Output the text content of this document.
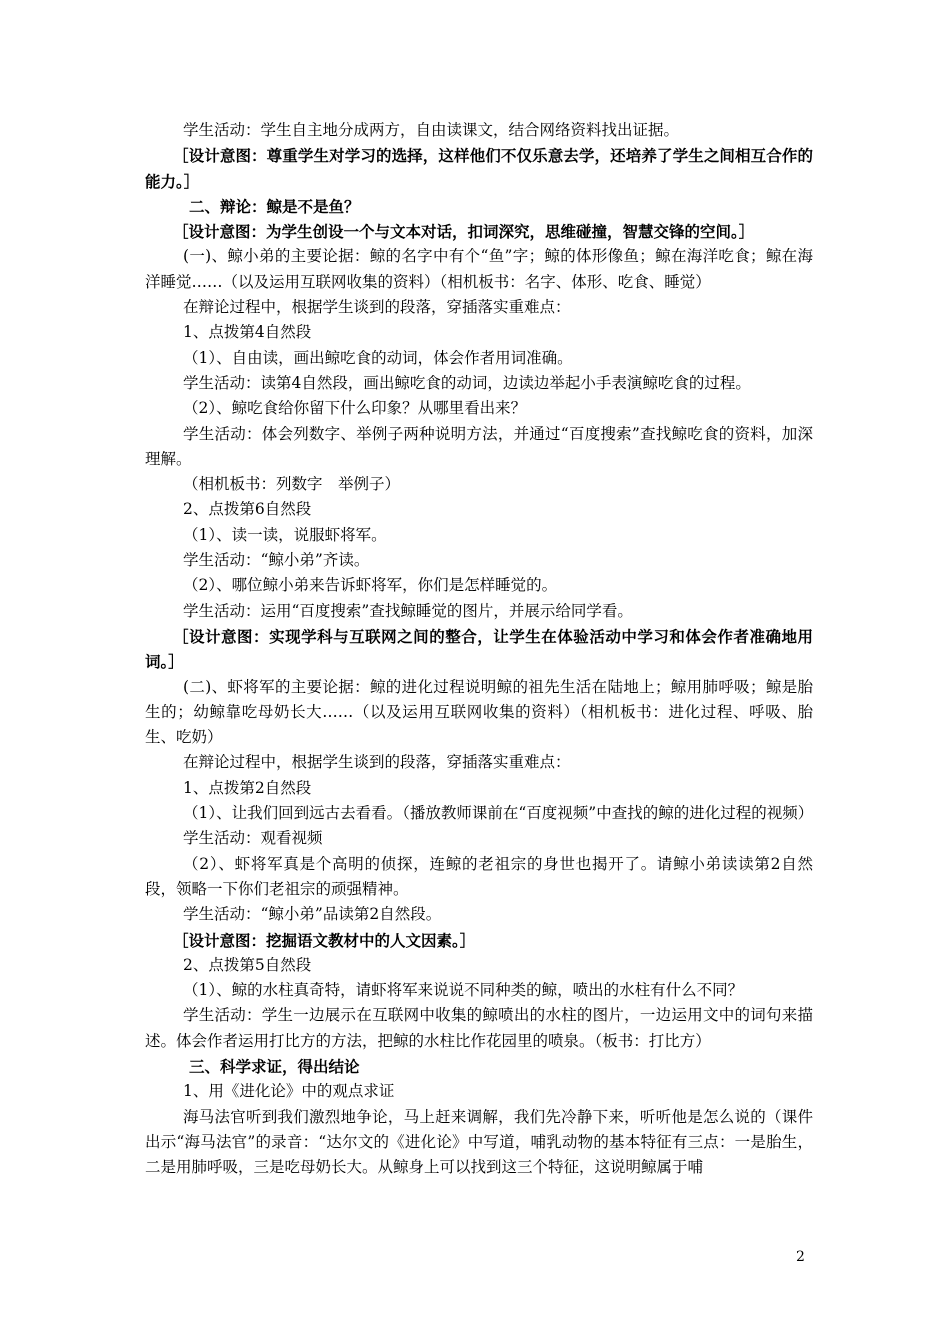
学生活动：学生自主地分成两方，自由读课文，结合网络资料找出证据。

［设计意图：尊重学生对学习的选择，这样他们不仅乐意去学，还培养了学生之间相互合作的能力。］

二、辩论：鲸是不是鱼？

［设计意图：为学生创设一个与文本对话，扣词深究，思维碰撞，智慧交锋的空间。］

(一)、鲸小弟的主要论据：鲸的名字中有个“鱼”字；鲸的体形像鱼；鲸在海洋吃食；鲸在海洋睡觉……（以及运用互联网收集的资料）（相机板书：名字、体形、吃食、睡觉）

在辩论过程中，根据学生谈到的段落，穿插落实重难点：

1、点拨第4自然段

（1）、自由读，画出鲸吃食的动词，体会作者用词准确。

学生活动：读第4自然段，画出鲸吃食的动词，边读边举起小手表演鲸吃食的过程。

（2）、鲸吃食给你留下什么印象？从哪里看出来？

学生活动：体会列数字、举例子两种说明方法，并通过“百度搜索”查找鲸吃食的资料，加深理解。

（相机板书：列数字　举例子）

2、点拨第6自然段

（1）、读一读，说服虾将军。

学生活动：“鲸小弟”齐读。

（2）、哪位鲸小弟来告诉虾将军，你们是怎样睡觉的。

学生活动：运用“百度搜索”查找鲸睡觉的图片，并展示给同学看。

［设计意图：实现学科与互联网之间的整合，让学生在体验活动中学习和体会作者准确地用词。］

(二)、虾将军的主要论据：鲸的进化过程说明鲸的祖先生活在陆地上；鲸用肺呼吸；鲸是胎生的；幼鲸靠吃母奶长大……（以及运用互联网收集的资料）（相机板书：进化过程、呼吸、胎生、吃奶）

在辩论过程中，根据学生谈到的段落，穿插落实重难点：

1、点拨第2自然段

（1）、让我们回到远古去看看。（播放教师课前在“百度视频”中查找的鲸的进化过程的视频）

学生活动：观看视频

（2）、虾将军真是个高明的侦探，连鲸的老祖宗的身世也揭开了。请鲸小弟读读第2自然段，领略一下你们老祖宗的顽强精神。

学生活动：“鲸小弟”品读第2自然段。

［设计意图：挖掘语文教材中的人文因素。］

2、点拨第5自然段

（1）、鲸的水柱真奇特，请虾将军来说说不同种类的鲸，喷出的水柱有什么不同？

学生活动：学生一边展示在互联网中收集的鲸喷出的水柱的图片，一边运用文中的词句来描述。体会作者运用打比方的方法，把鲸的水柱比作花园里的喷泉。（板书：打比方）

三、科学求证，得出结论

1、用《进化论》中的观点求证

海马法官听到我们激烈地争论，马上赶来调解，我们先冷静下来，听听他是怎么说的（课件出示“海马法官”的录音：“达尔文的《进化论》中写道，哺乳动物的基本特征有三点：一是胎生，二是用肺呼吸，三是吃母奶长大。从鲸身上可以找到这三个特征，这说明鲸属于哺

2
